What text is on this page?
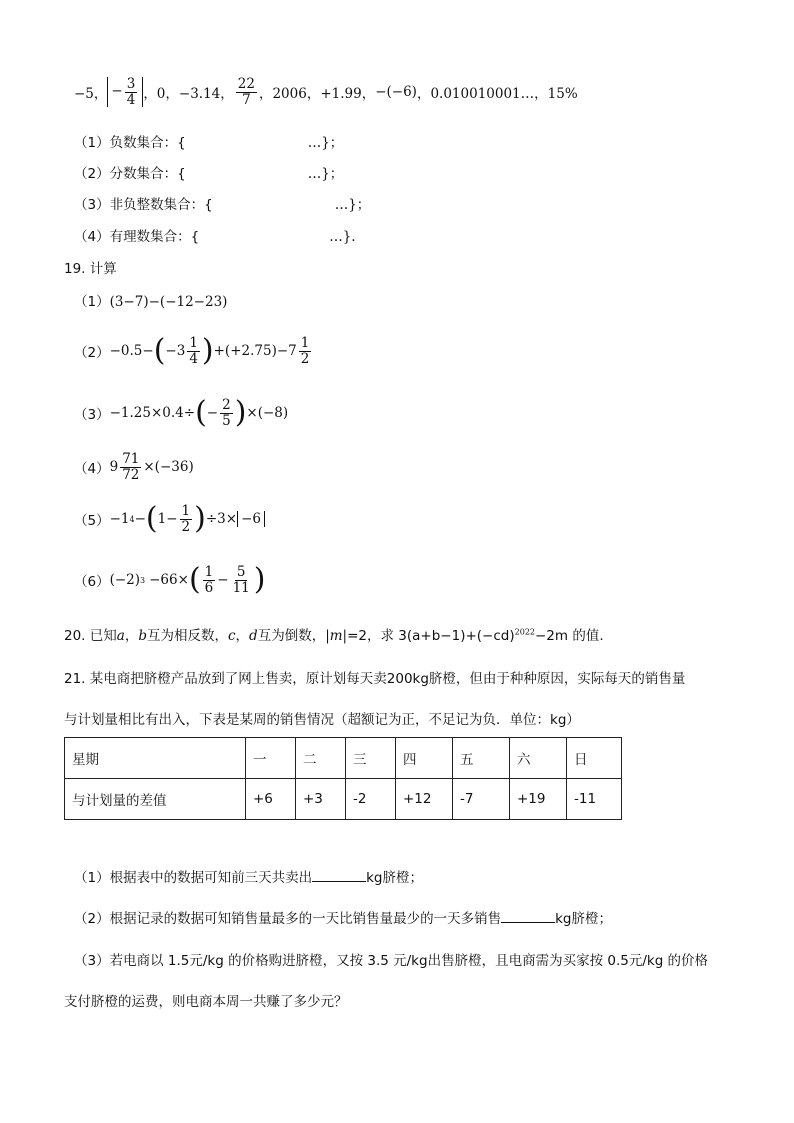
−5， − $\frac{3}{4}$ ，0，−3.14， $\frac{22}{7}$ ，2006，+1.99， −(−6) ，0.010010001…，15%
（1）负数集合：{	…}；
（2）分数集合：{	…}；
（3）非负整数集合：{	…}；
（4）有理数集合：{	…}.
19. 计算
（1）(3−7)−(−12−23)
（2） −0.5− ( $-3 \frac{1}{4}$ ) $+(+2.75)-7 \frac{1}{2}$
（3） −1.25×0.4÷ ( − $\frac{2}{5}$ ) ×(−8)
（4） $9 \frac{71}{72} \times(-36)$
（5） −1 4 − ( $1- \frac{1}{2}$ ) ÷3× −6
（6） (−2) 3 −66× ( $\frac{1}{6} - \frac{5}{11}$ )
20. 已知a，b互为相反数，c，d互为倒数，|m|=2，求 $3(a+b-1)+(-cd)^{2022}-2m$ 的值.
21. 某电商把脐橙产品放到了网上售卖，原计划每天卖200kg脐橙，但由于种种原因，实际每天的销售量
与计划量相比有出入，下表是某周的销售情况（超额记为正，不足记为负．单位：kg）
星期	一	二	三	四	五	六	日
与计划量的差值	+6	+3	-2	+12	-7	+19	-11
（1）根据表中的数据可知前三天共卖出	kg脐橙；
（2）根据记录的数据可知销售量最多的一天比销售量最少的一天多销售	kg脐橙；
（3）若电商以 1.5元/kg 的价格购进脐橙，又按 3.5 元/kg出售脐橙，且电商需为买家按 0.5元/kg 的价格
支付脐橙的运费，则电商本周一共赚了多少元？
